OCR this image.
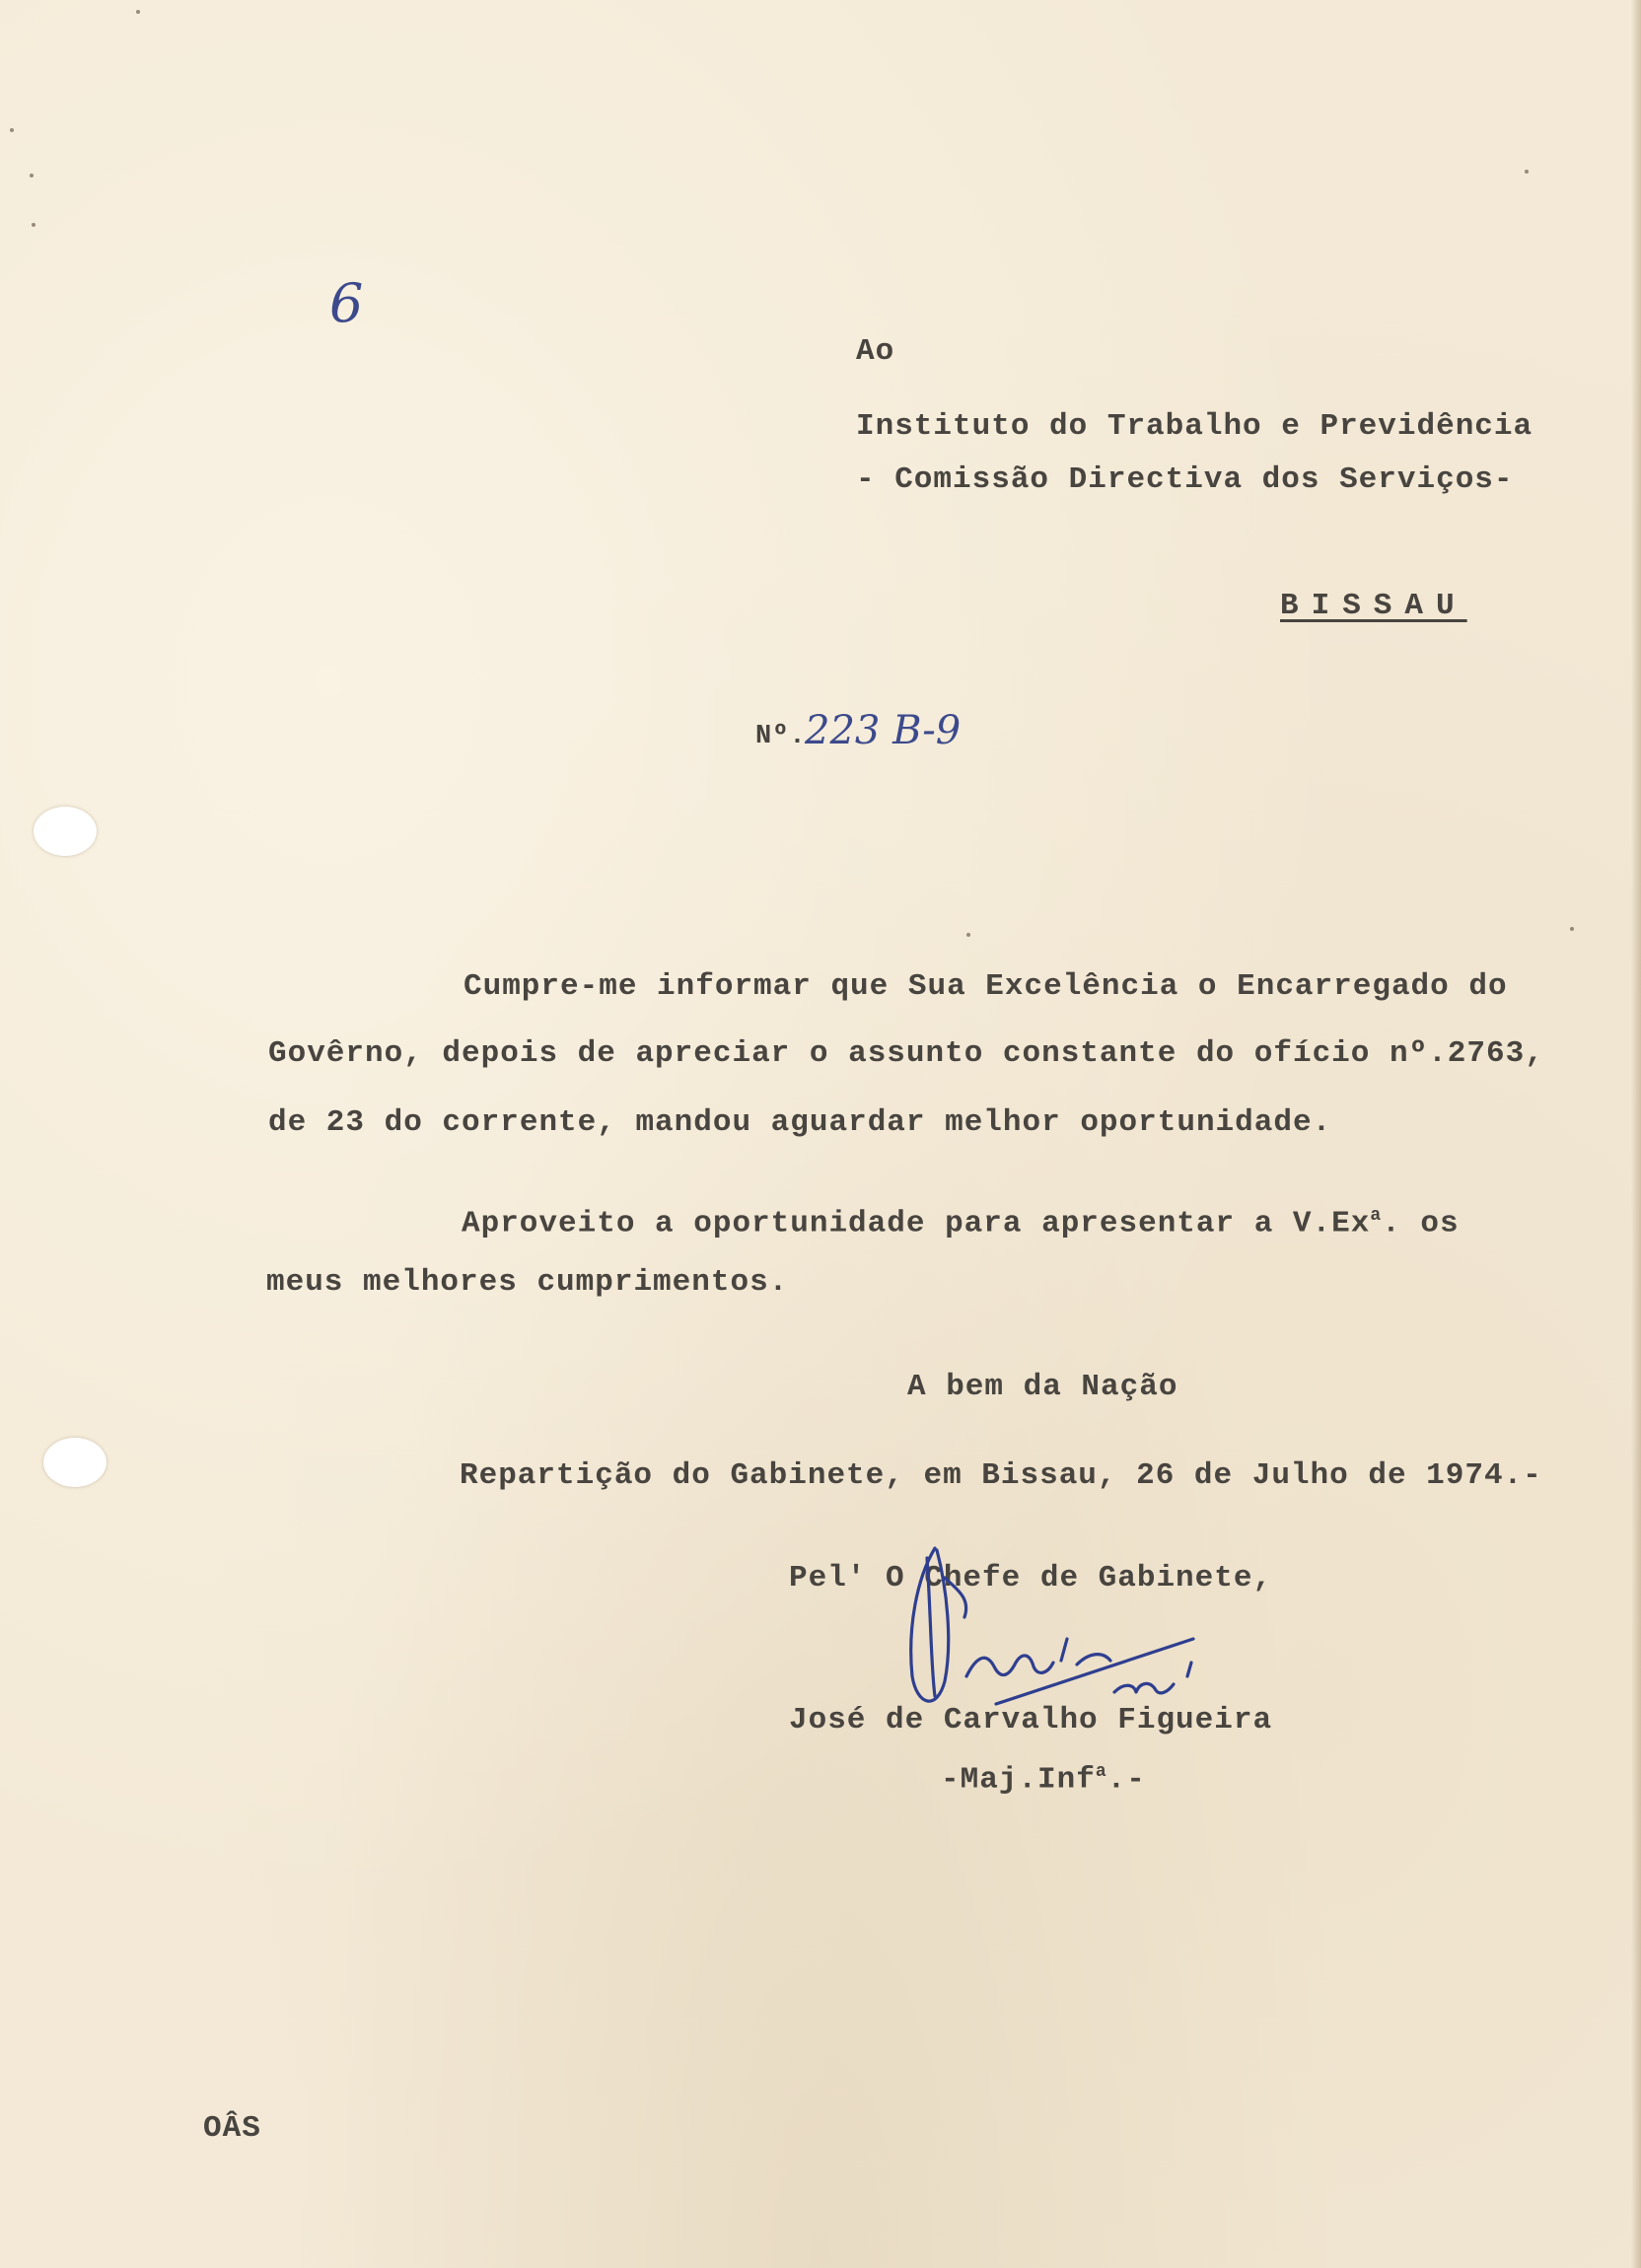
Ao

Instituto do Trabalho e Previdência

- Comissão Directiva dos Serviços-

BISSAU

Nº.

Cumpre-me informar que Sua Excelência o Encarregado do

Govêrno, depois de apreciar o assunto constante do ofício nº.2763,

de 23 do corrente, mandou aguardar melhor oportunidade.

Aproveito a oportunidade para apresentar a V.Ex$^a$. os

meus melhores cumprimentos.

A bem da Nação

Repartição do Gabinete, em Bissau, 26 de Julho de 1974.-

Pel' O Chefe de Gabinete,

José de Carvalho Figueira

-Maj.Inf$^a$.-

OÂS

6
223 B-9
